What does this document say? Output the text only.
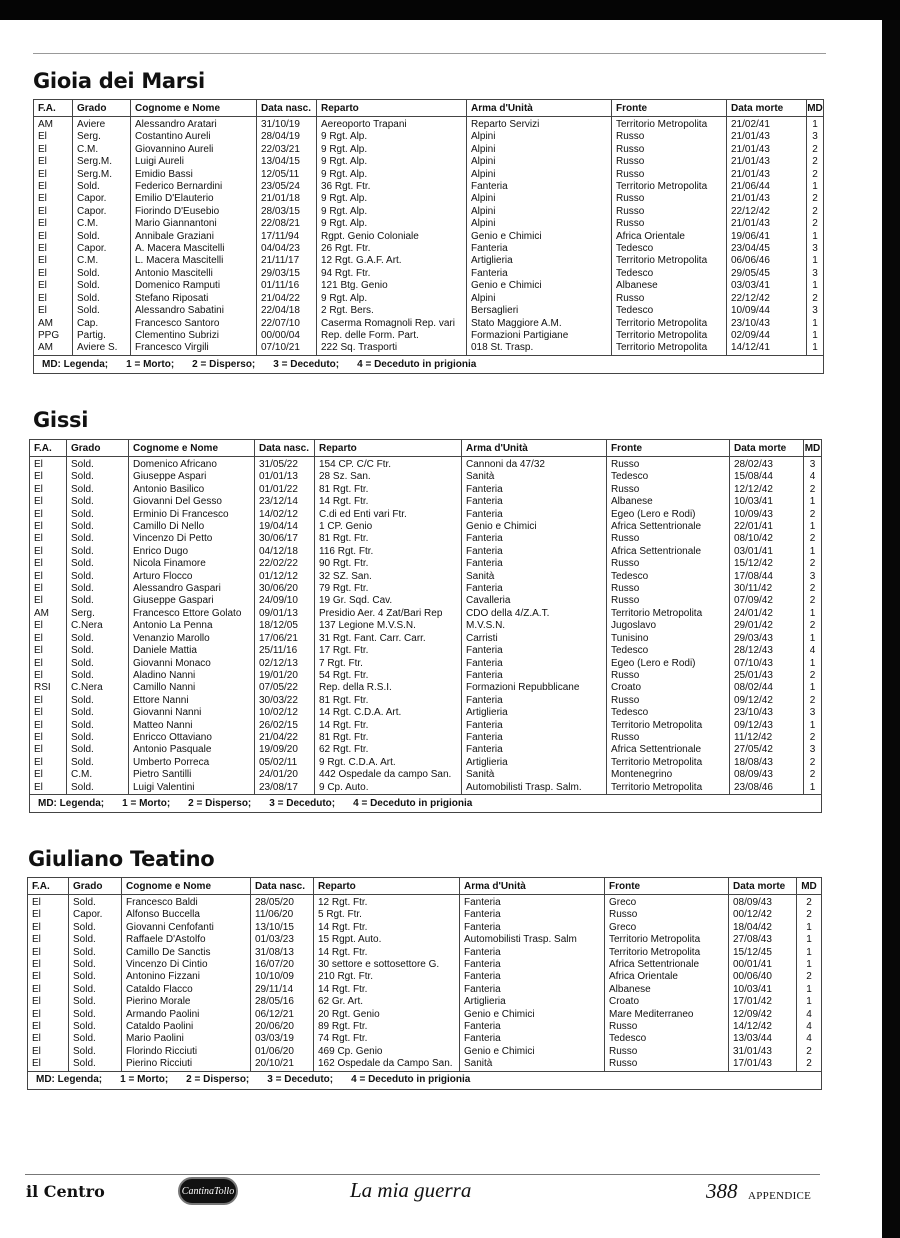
Gioia dei Marsi
F.A.	Grado	Cognome e Nome	Data nasc.	Reparto	Arma d'Unità	Fronte	Data morte	MD
AM	Aviere	Alessandro Aratari	31/10/19	Aereoporto Trapani	Reparto Servizi	Territorio Metropolita	21/02/41	1
El	Serg.	Costantino Aureli	28/04/19	9 Rgt. Alp.	Alpini	Russo	21/01/43	3
El	C.M.	Giovannino Aureli	22/03/21	9 Rgt. Alp.	Alpini	Russo	21/01/43	2
El	Serg.M.	Luigi Aureli	13/04/15	9 Rgt. Alp.	Alpini	Russo	21/01/43	2
El	Serg.M.	Emidio Bassi	12/05/11	9 Rgt. Alp.	Alpini	Russo	21/01/43	2
El	Sold.	Federico Bernardini	23/05/24	36 Rgt. Ftr.	Fanteria	Territorio Metropolita	21/06/44	1
El	Capor.	Emilio D'Elauterio	21/01/18	9 Rgt. Alp.	Alpini	Russo	21/01/43	2
El	Capor.	Fiorindo D'Eusebio	28/03/15	9 Rgt. Alp.	Alpini	Russo	22/12/42	2
El	C.M.	Mario Giannantoni	22/08/21	9 Rgt. Alp.	Alpini	Russo	21/01/43	2
El	Sold.	Annibale Graziani	17/11/94	Rgpt. Genio Coloniale	Genio e Chimici	Africa Orientale	19/06/41	1
El	Capor.	A. Macera Mascitelli	04/04/23	26 Rgt. Ftr.	Fanteria	Tedesco	23/04/45	3
El	C.M.	L. Macera Mascitelli	21/11/17	12 Rgt. G.A.F. Art.	Artiglieria	Territorio Metropolita	06/06/46	1
El	Sold.	Antonio Mascitelli	29/03/15	94 Rgt. Ftr.	Fanteria	Tedesco	29/05/45	3
El	Sold.	Domenico Ramputi	01/11/16	121 Btg. Genio	Genio e Chimici	Albanese	03/03/41	1
El	Sold.	Stefano Riposati	21/04/22	9 Rgt. Alp.	Alpini	Russo	22/12/42	2
El	Sold.	Alessandro Sabatini	22/04/18	2 Rgt. Bers.	Bersaglieri	Tedesco	10/09/44	3
AM	Cap.	Francesco Santoro	22/07/10	Caserma Romagnoli Rep. vari	Stato Maggiore A.M.	Territorio Metropolita	23/10/43	1
PPG	Partig.	Clementino Subrizi	00/00/04	Rep. delle Form. Part.	Formazioni Partigiane	Territorio Metropolita	02/09/44	1
AM	Aviere S.	Francesco Virgili	07/10/21	222 Sq. Trasporti	018 St. Trasp.	Territorio Metropolita	14/12/41	1
MD: Legenda; 1 = Morto; 2 = Disperso; 3 = Deceduto; 4 = Deceduto in prigionia								
Gissi
F.A.	Grado	Cognome e Nome	Data nasc.	Reparto	Arma d'Unità	Fronte	Data morte	MD
El	Sold.	Domenico Africano	31/05/22	154 CP. C/C Ftr.	Cannoni da 47/32	Russo	28/02/43	3
El	Sold.	Giuseppe Aspari	01/01/13	28 Sz. San.	Sanità	Tedesco	15/08/44	4
El	Sold.	Antonio Basilico	01/01/22	81 Rgt. Ftr.	Fanteria	Russo	12/12/42	2
El	Sold.	Giovanni Del Gesso	23/12/14	14 Rgt. Ftr.	Fanteria	Albanese	10/03/41	1
El	Sold.	Erminio Di Francesco	14/02/12	C.di ed Enti vari Ftr.	Fanteria	Egeo (Lero e Rodi)	10/09/43	2
El	Sold.	Camillo Di Nello	19/04/14	1 CP. Genio	Genio e Chimici	Africa Settentrionale	22/01/41	1
El	Sold.	Vincenzo Di Petto	30/06/17	81 Rgt. Ftr.	Fanteria	Russo	08/10/42	2
El	Sold.	Enrico Dugo	04/12/18	116 Rgt. Ftr.	Fanteria	Africa Settentrionale	03/01/41	1
El	Sold.	Nicola Finamore	22/02/22	90 Rgt. Ftr.	Fanteria	Russo	15/12/42	2
El	Sold.	Arturo Flocco	01/12/12	32 SZ. San.	Sanità	Tedesco	17/08/44	3
El	Sold.	Alessandro Gaspari	30/06/20	79 Rgt. Ftr.	Fanteria	Russo	30/11/42	2
El	Sold.	Giuseppe Gaspari	24/09/10	19 Gr. Sqd. Cav.	Cavalleria	Russo	07/09/42	2
AM	Serg.	Francesco Ettore Golato	09/01/13	Presidio Aer. 4 Zat/Bari Rep	CDO della 4/Z.A.T.	Territorio Metropolita	24/01/42	1
El	C.Nera	Antonio La Penna	18/12/05	137 Legione M.V.S.N.	M.V.S.N.	Jugoslavo	29/01/42	2
El	Sold.	Venanzio Marollo	17/06/21	31 Rgt. Fant. Carr. Carr.	Carristi	Tunisino	29/03/43	1
El	Sold.	Daniele Mattia	25/11/16	17 Rgt. Ftr.	Fanteria	Tedesco	28/12/43	4
El	Sold.	Giovanni Monaco	02/12/13	7 Rgt. Ftr.	Fanteria	Egeo (Lero e Rodi)	07/10/43	1
El	Sold.	Aladino Nanni	19/01/20	54 Rgt. Ftr.	Fanteria	Russo	25/01/43	2
RSI	C.Nera	Camillo Nanni	07/05/22	Rep. della R.S.I.	Formazioni Repubblicane	Croato	08/02/44	1
El	Sold.	Ettore Nanni	30/03/22	81 Rgt. Ftr.	Fanteria	Russo	09/12/42	2
El	Sold.	Giovanni Nanni	10/02/12	14 Rgt. C.D.A. Art.	Artiglieria	Tedesco	23/10/43	3
El	Sold.	Matteo Nanni	26/02/15	14 Rgt. Ftr.	Fanteria	Territorio Metropolita	09/12/43	1
El	Sold.	Enricco Ottaviano	21/04/22	81 Rgt. Ftr.	Fanteria	Russo	11/12/42	2
El	Sold.	Antonio Pasquale	19/09/20	62 Rgt. Ftr.	Fanteria	Africa Settentrionale	27/05/42	3
El	Sold.	Umberto Porreca	05/02/11	9 Rgt. C.D.A. Art.	Artiglieria	Territorio Metropolita	18/08/43	2
El	C.M.	Pietro Santilli	24/01/20	442 Ospedale da campo San.	Sanità	Montenegrino	08/09/43	2
El	Sold.	Luigi Valentini	23/08/17	9 Cp. Auto.	Automobilisti Trasp. Salm.	Territorio Metropolita	23/08/46	1
MD: Legenda; 1 = Morto; 2 = Disperso; 3 = Deceduto; 4 = Deceduto in prigionia								
Giuliano Teatino
F.A.	Grado	Cognome e Nome	Data nasc.	Reparto	Arma d'Unità	Fronte	Data morte	MD
El	Sold.	Francesco Baldi	28/05/20	12 Rgt. Ftr.	Fanteria	Greco	08/09/43	2
El	Capor.	Alfonso Buccella	11/06/20	5 Rgt. Ftr.	Fanteria	Russo	00/12/42	2
El	Sold.	Giovanni Cenfofanti	13/10/15	14 Rgt. Ftr.	Fanteria	Greco	18/04/42	1
El	Sold.	Raffaele D'Astolfo	01/03/23	15 Rgpt. Auto.	Automobilisti Trasp. Salm	Territorio Metropolita	27/08/43	1
El	Sold.	Camillo De Sanctis	31/08/13	14 Rgt. Ftr.	Fanteria	Territorio Metropolita	15/12/45	1
El	Sold.	Vincenzo Di Cintio	16/07/20	30 settore e sottosettore G.	Fanteria	Africa Settentrionale	00/01/41	1
El	Sold.	Antonino Fizzani	10/10/09	210 Rgt. Ftr.	Fanteria	Africa Orientale	00/06/40	2
El	Sold.	Cataldo Flacco	29/11/14	14 Rgt. Ftr.	Fanteria	Albanese	10/03/41	1
El	Sold.	Pierino Morale	28/05/16	62 Gr. Art.	Artiglieria	Croato	17/01/42	1
El	Sold.	Armando Paolini	06/12/21	20 Rgt. Genio	Genio e Chimici	Mare Mediterraneo	12/09/42	4
El	Sold.	Cataldo Paolini	20/06/20	89 Rgt. Ftr.	Fanteria	Russo	14/12/42	4
El	Sold.	Mario Paolini	03/03/19	74 Rgt. Ftr.	Fanteria	Tedesco	13/03/44	4
El	Sold.	Florindo Ricciuti	01/06/20	469 Cp. Genio	Genio e Chimici	Russo	31/01/43	2
El	Sold.	Pierino Ricciuti	20/10/21	162 Ospedale da Campo San.	Sanità	Russo	17/01/43	2
MD: Legenda; 1 = Morto; 2 = Disperso; 3 = Deceduto; 4 = Deceduto in prigionia								
il Centro	CantinaTollo	La mia guerra	388 APPENDICE
